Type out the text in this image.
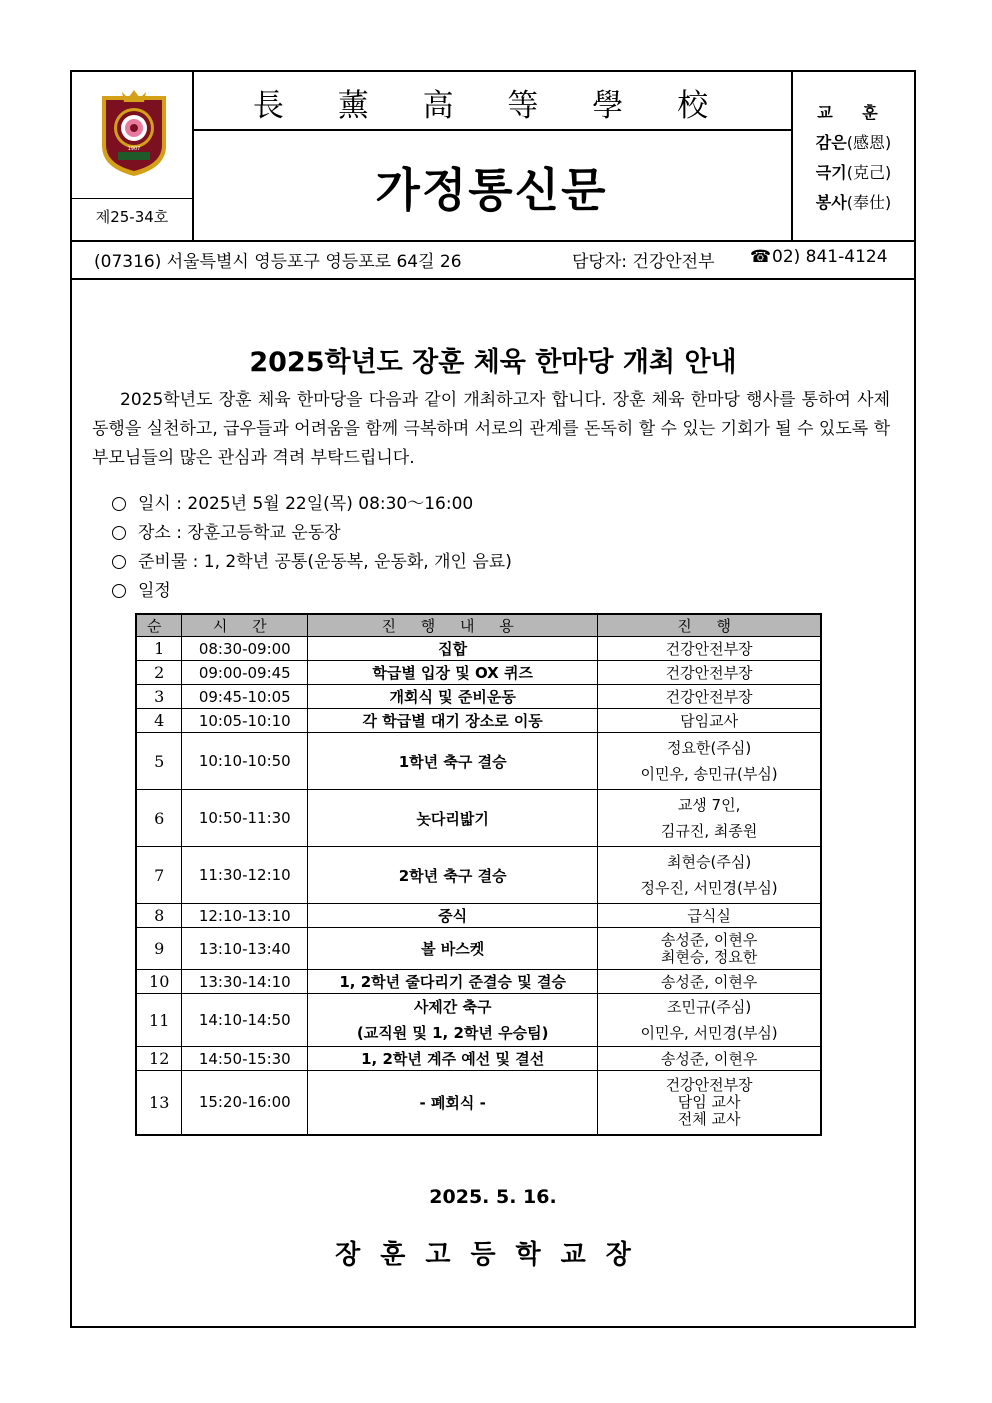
1907
제25-34호
長 薰 高 等 學 校
가정통신문
교 훈
감은(感恩)
극기(克己)
봉사(奉仕)
(07316) 서울특별시 영등포구 영등포로 64길 26	담당자: 건강안전부 ☎02) 841-4124
2025학년도 장훈 체육 한마당 개최 안내

2025학년도 장훈 체육 한마당을 다음과 같이 개최하고자 합니다. 장훈 체육 한마당 행사를 통하여 사제동행을 실천하고, 급우들과 어려움을 함께 극복하며 서로의 관계를 돈독히 할 수 있는 기회가 될 수 있도록 학부모님들의 많은 관심과 격려 부탁드립니다.

일시 : 2025년 5월 22일(목) 08:30～16:00
장소 : 장훈고등학교 운동장
준비물 : 1, 2학년 공통(운동복, 운동화, 개인 음료)
일정
순	시 간	진 행 내 용	진 행
1	08:30-09:00	집합	건강안전부장

2	09:00-09:45	학급별 입장 및 OX 퀴즈	건강안전부장

3	09:45-10:05	개회식 및 준비운동	건강안전부장

4	10:05-10:10	각 학급별 대기 장소로 이동	담임교사

5	10:10-10:50	1학년 축구 결승	정요한(주심)
이민우, 송민규(부심)

6	10:50-11:30	놋다리밟기	교생 7인,
김규진, 최종원

7	11:30-12:10	2학년 축구 결승	최현승(주심)
정우진, 서민경(부심)

8	12:10-13:10	중식	급식실

9	13:10-13:40	볼 바스켓	송성준, 이현우
최현승, 정요한

10	13:30-14:10	1, 2학년 줄다리기 준결승 및 결승	송성준, 이현우

11	14:10-14:50	사제간 축구
(교직원 및 1, 2학년 우승팀)	조민규(주심)
이민우, 서민경(부심)

12	14:50-15:30	1, 2학년 계주 예선 및 결선	송성준, 이현우

13	15:20-16:00	- 폐회식 -	건강안전부장
담임 교사
전체 교사
2025. 5. 16.
장훈고등학교장
